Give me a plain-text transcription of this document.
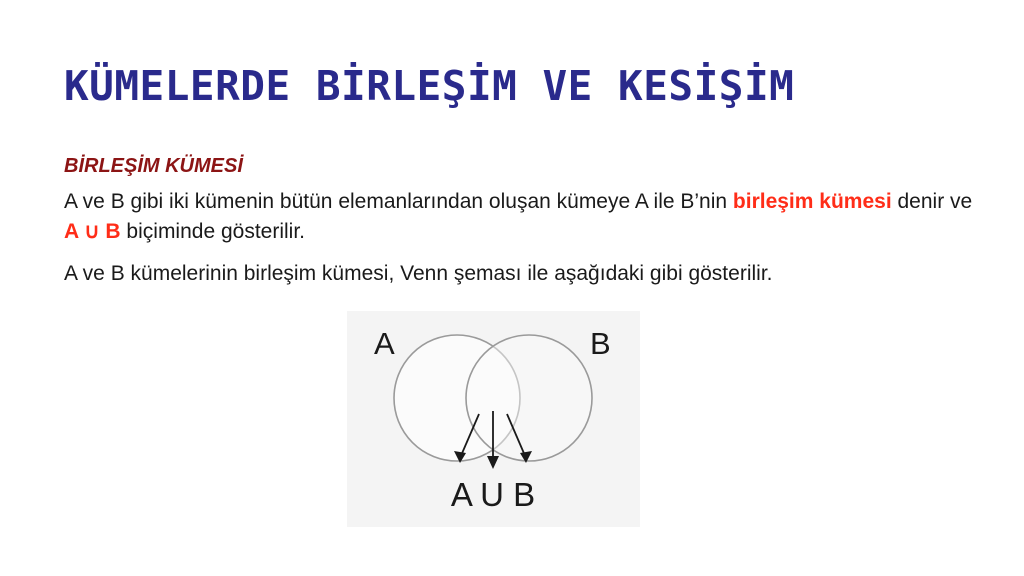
KÜMELERDE BİRLEŞİM VE KESİŞİM

BİRLEŞİM KÜMESİ

A ve B gibi iki kümenin bütün elemanlarından oluşan kümeye A ile B’nin birleşim kümesi denir ve A ∪ B biçiminde gösterilir.

A ve B kümelerinin birleşim kümesi, Venn şeması ile aşağıdaki gibi gösterilir.

A	B
A U B
